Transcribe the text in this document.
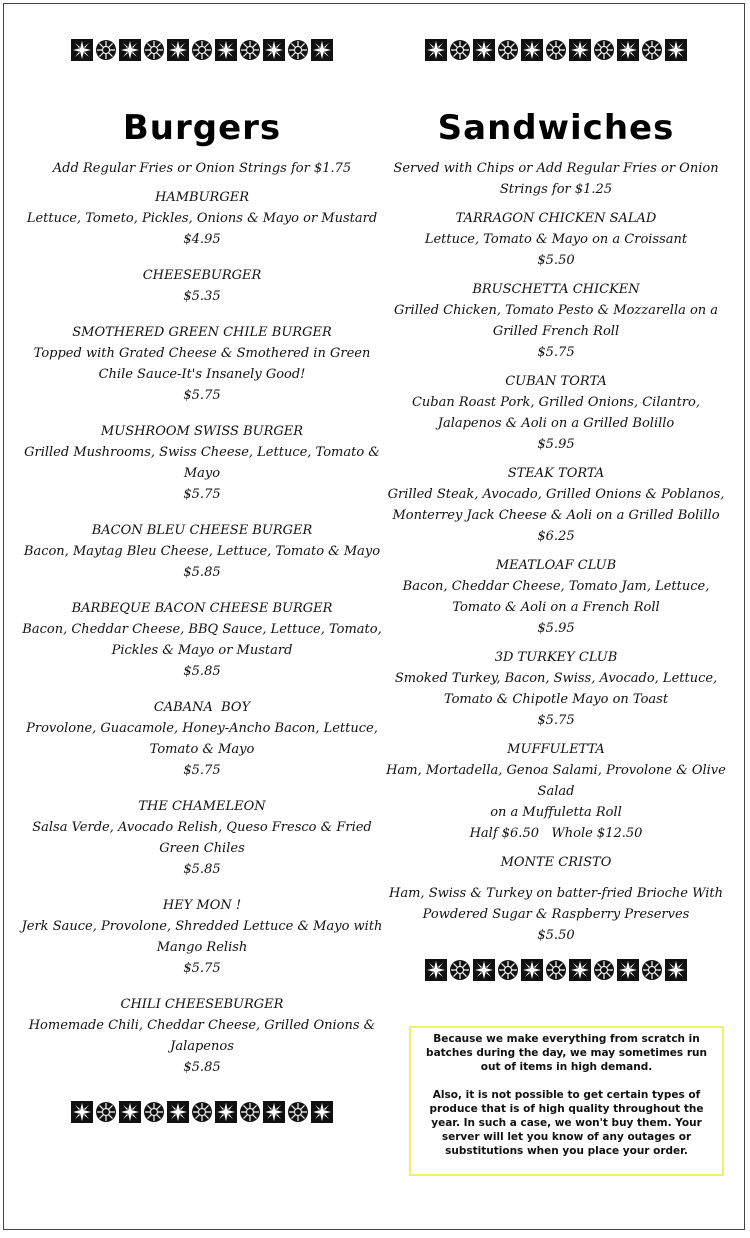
Burgers

Add Regular Fries or Onion Strings for $1.75

HAMBURGER

Lettuce, Tometo, Pickles, Onions & Mayo or Mustard

$4.95

CHEESEBURGER

$5.35

SMOTHERED GREEN CHILE BURGER

Topped with Grated Cheese & Smothered in Green Chile Sauce-It's Insanely Good!

$5.75

MUSHROOM SWISS BURGER

Grilled Mushrooms, Swiss Cheese, Lettuce, Tomato & Mayo

$5.75

BACON BLEU CHEESE BURGER

Bacon, Maytag Bleu Cheese, Lettuce, Tomato & Mayo

$5.85

BARBEQUE BACON CHEESE BURGER

Bacon, Cheddar Cheese, BBQ Sauce, Lettuce, Tomato, Pickles & Mayo or Mustard

$5.85

CABANA  BOY

Provolone, Guacamole, Honey-Ancho Bacon, Lettuce, Tomato & Mayo

$5.75

THE CHAMELEON

Salsa Verde, Avocado Relish, Queso Fresco & Fried Green Chiles

$5.85

HEY MON !

Jerk Sauce, Provolone, Shredded Lettuce & Mayo with Mango Relish

$5.75

CHILI CHEESEBURGER

Homemade Chili, Cheddar Cheese, Grilled Onions & Jalapenos

$5.85

Sandwiches

Served with Chips or Add Regular Fries or Onion Strings for $1.25

TARRAGON CHICKEN SALAD

Lettuce, Tomato & Mayo on a Croissant

$5.50

BRUSCHETTA CHICKEN

Grilled Chicken, Tomato Pesto & Mozzarella on a Grilled French Roll

$5.75

CUBAN TORTA

Cuban Roast Pork, Grilled Onions, Cilantro, Jalapenos & Aoli on a Grilled Bolillo

$5.95

STEAK TORTA

Grilled Steak, Avocado, Grilled Onions & Poblanos, Monterrey Jack Cheese & Aoli on a Grilled Bolillo

$6.25

MEATLOAF CLUB

Bacon, Cheddar Cheese, Tomato Jam, Lettuce, Tomato & Aoli on a French Roll

$5.95

3D TURKEY CLUB

Smoked Turkey, Bacon, Swiss, Avocado, Lettuce, Tomato & Chipotle Mayo on Toast

$5.75

MUFFULETTA

Ham, Mortadella, Genoa Salami, Provolone & Olive Salad

on a Muffuletta Roll

Half $6.50   Whole $12.50

MONTE CRISTO

Ham, Swiss & Turkey on batter-fried Brioche With Powdered Sugar & Raspberry Preserves

$5.50

Because we make everything from scratch in batches during the day, we may sometimes run out of items in high demand.

Also, it is not possible to get certain types of produce that is of high quality throughout the year. In such a case, we won't buy them. Your server will let you know of any outages or substitutions when you place your order.
